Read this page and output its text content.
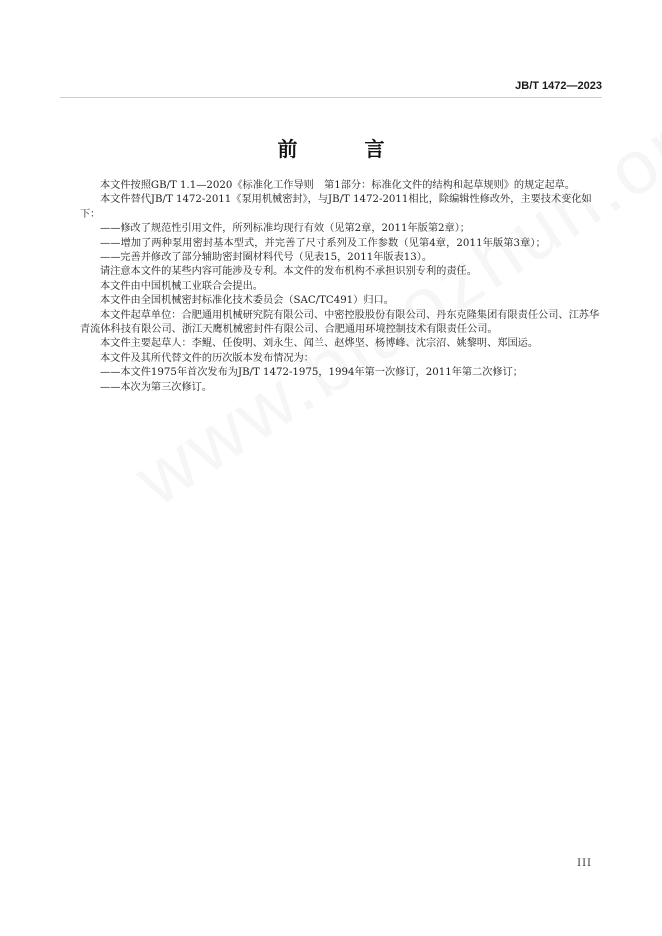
JB/T 1472—2023
前 言

本文件按照GB/T 1.1—2020《标准化工作导则　第1部分：标准化文件的结构和起草规则》的规定起草。

本文件替代JB/T 1472-2011《泵用机械密封》，与JB/T 1472-2011相比，除编辑性修改外，主要技术变化如下：

——修改了规范性引用文件，所列标准均现行有效（见第2章，2011年版第2章）；

——增加了两种泵用密封基本型式，并完善了尺寸系列及工作参数（见第4章，2011年版第3章）；

——完善并修改了部分辅助密封圈材料代号（见表15，2011年版表13）。

请注意本文件的某些内容可能涉及专利。本文件的发布机构不承担识别专利的责任。

本文件由中国机械工业联合会提出。

本文件由全国机械密封标准化技术委员会（SAC/TC491）归口。

本文件起草单位：合肥通用机械研究院有限公司、中密控股股份有限公司、丹东克隆集团有限责任公司、江苏华青流体科技有限公司、浙江天鹰机械密封件有限公司、合肥通用环境控制技术有限责任公司。

本文件主要起草人：李鲲、任俊明、刘永生、闻兰、赵烨坚、杨博峰、沈宗沼、姚黎明、郑国运。

本文件及其所代替文件的历次版本发布情况为：

——本文件1975年首次发布为JB/T 1472-1975，1994年第一次修订，2011年第二次修订；

——本次为第三次修订。

III
